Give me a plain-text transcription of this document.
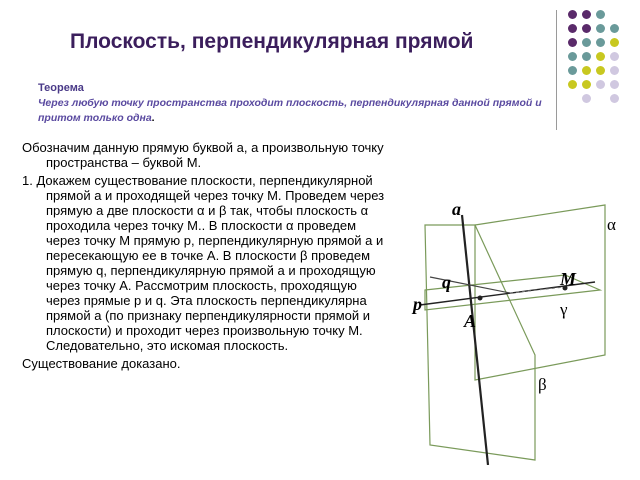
Плоскость, перпендикулярная прямой

Теорема

Через любую точку пространства проходит плоскость, перпендикулярная данной прямой и притом только одна.

Обозначим данную прямую буквой a, а произвольную точку пространства – буквой M.

1. Докажем существование плоскости, перпендикулярной прямой a и проходящей через точку M. Проведем через прямую a две плоскости α и β так, чтобы плоскость α проходила через точку M.. В плоскости α проведем через точку M прямую p, перпендикулярную прямой a и пересекающую ее в точке A. В плоскости β проведем прямую q, перпендикулярную прямой a и проходящую через точку A. Рассмотрим плоскость, проходящую через прямые p и q. Эта плоскость перпендикулярна прямой a (по признаку перпендикулярности прямой и плоскости) и проходит через произвольную точку M. Следовательно, это искомая плоскость.

Существование доказано.

a
α
q	M
p
A
γ
β
